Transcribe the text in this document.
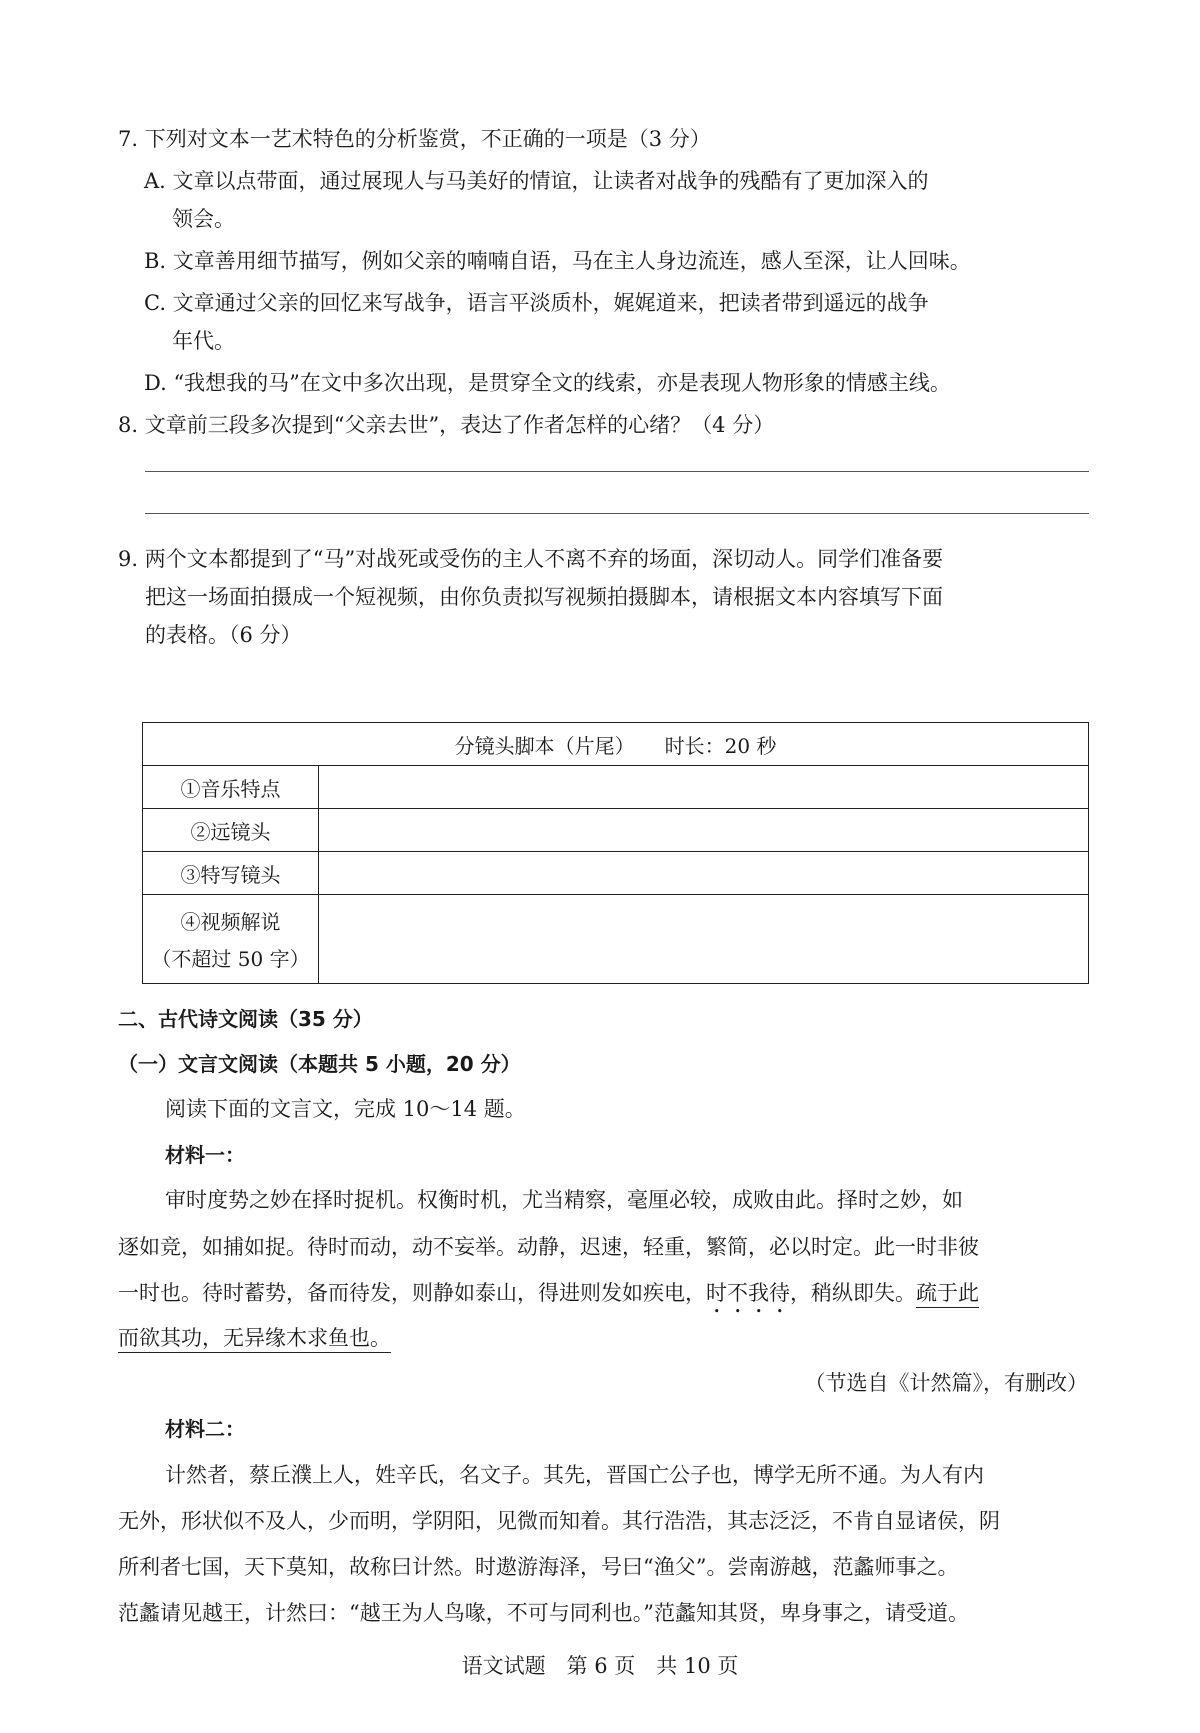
7. 下列对文本一艺术特色的分析鉴赏，不正确的一项是（3 分）
A. 文章以点带面，通过展现人与马美好的情谊，让读者对战争的残酷有了更加深入的
领会。
B. 文章善用细节描写，例如父亲的喃喃自语，马在主人身边流连，感人至深，让人回味。
C. 文章通过父亲的回忆来写战争，语言平淡质朴，娓娓道来，把读者带到遥远的战争
年代。
D. “我想我的马”在文中多次出现，是贯穿全文的线索，亦是表现人物形象的情感主线。
8. 文章前三段多次提到“父亲去世”，表达了作者怎样的心绪？（4 分）
9. 两个文本都提到了“马”对战死或受伤的主人不离不弃的场面，深切动人。同学们准备要
把这一场面拍摄成一个短视频，由你负责拟写视频拍摄脚本，请根据文本内容填写下面
的表格。（6 分）
分镜头脚本（片尾）　　时长：20 秒	
①音乐特点	
②远镜头	
③特写镜头	

④视频解说
（不超过 50 字）	

二、古代诗文阅读（35 分）
（一）文言文阅读（本题共 5 小题，20 分）
阅读下面的文言文，完成 10～14 题。
材料一：
审时度势之妙在择时捉机。权衡时机，尤当精察，毫厘必较，成败由此。择时之妙，如
逐如竞，如捕如捉。待时而动，动不妄举。动静，迟速，轻重，繁简，必以时定。此一时非彼
一时也。待时蓄势，备而待发，则静如泰山，得进则发如疾电，时不我待，稍纵即失。疏于此
而欲其功，无异缘木求鱼也。
（节选自《计然篇》，有删改）
材料二：
计然者，蔡丘濮上人，姓辛氏，名文子。其先，晋国亡公子也，博学无所不通。为人有内
无外，形状似不及人，少而明，学阴阳，见微而知着。其行浩浩，其志泛泛，不肯自显诸侯，阴
所利者七国，天下莫知，故称曰计然。时遨游海泽，号曰“渔父”。尝南游越，范蠡师事之。
范蠡请见越王，计然曰：“越王为人鸟喙，不可与同利也。”范蠡知其贤，卑身事之，请受道。
语文试题　第 6 页　共 10 页
